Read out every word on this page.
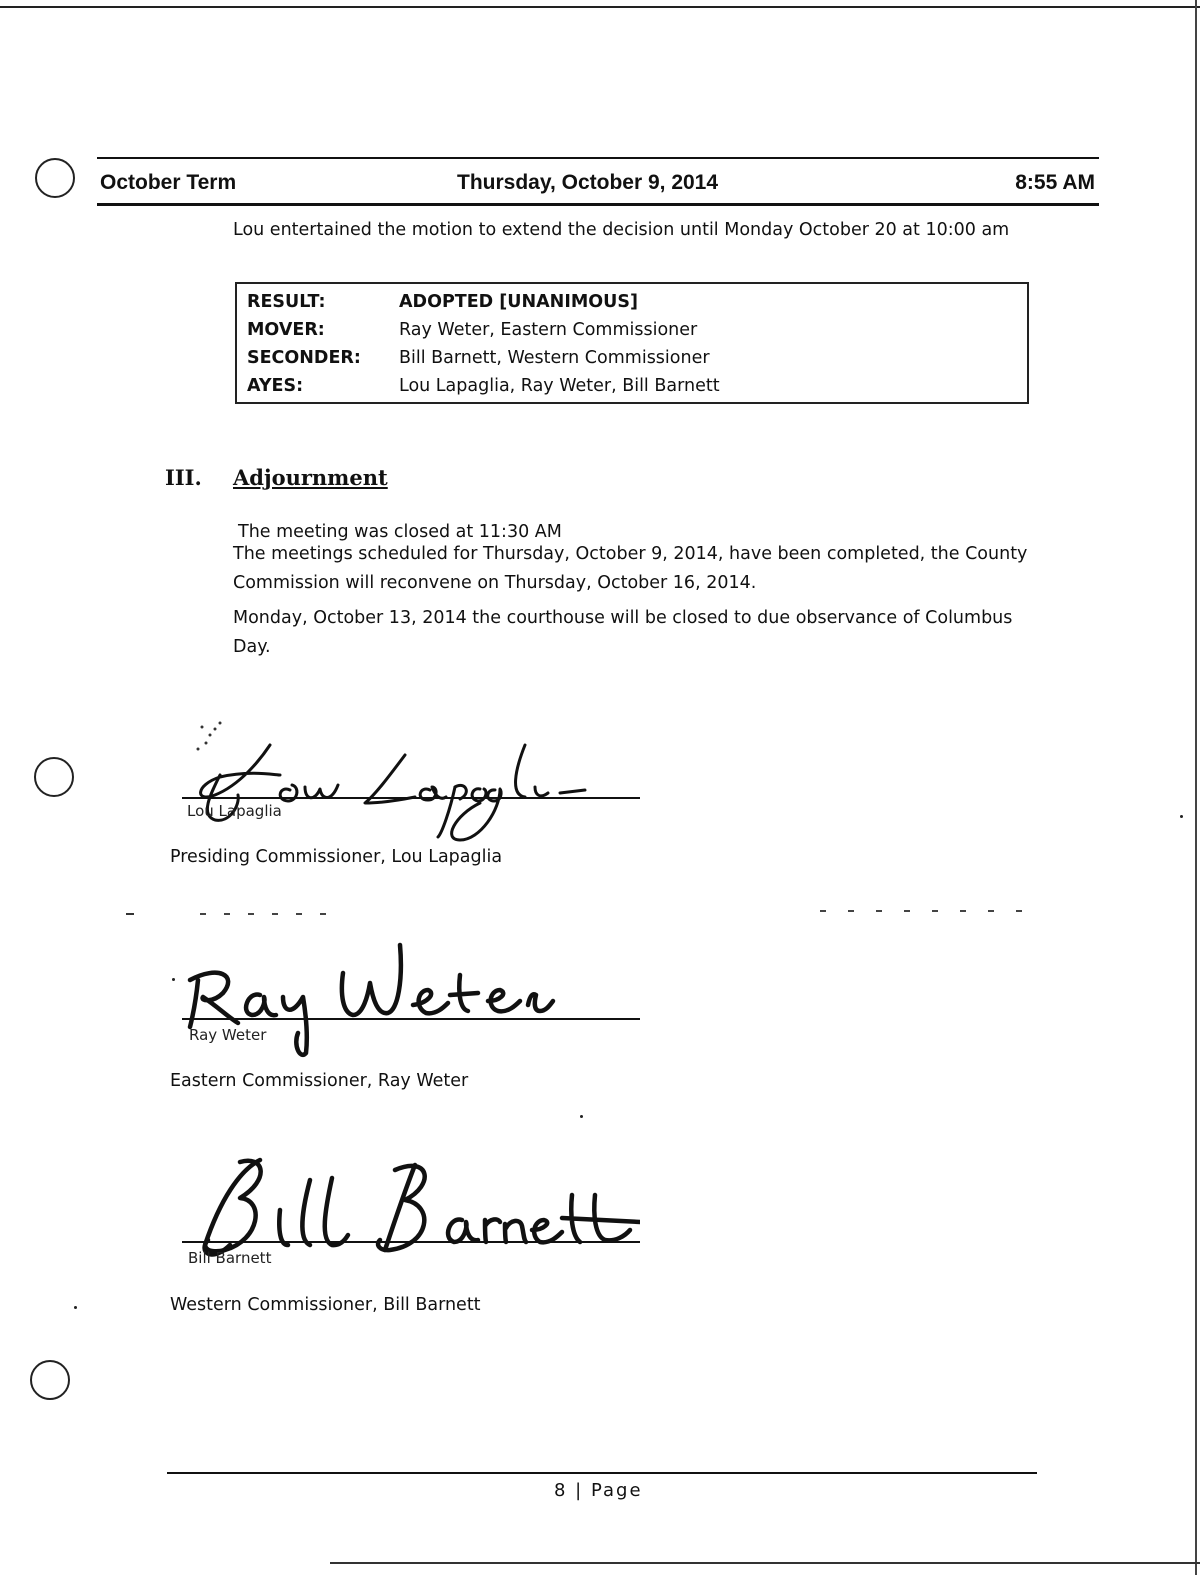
October Term	Thursday, October 9, 2014	8:55 AM
Lou entertained the motion to extend the decision until Monday October 20 at 10:00 am
RESULT:	ADOPTED [UNANIMOUS]
MOVER:	Ray Weter, Eastern Commissioner
SECONDER:	Bill Barnett, Western Commissioner
AYES:	Lou Lapaglia, Ray Weter, Bill Barnett
III. Adjournment
The meeting was closed at 11:30 AM
The meetings scheduled for Thursday, October 9, 2014, have been completed, the County Commission will reconvene on Thursday, October 16, 2014.
Monday, October 13, 2014 the courthouse will be closed to due observance of Columbus Day.
Lou Lapaglia
Presiding Commissioner, Lou Lapaglia
Ray Weter
Eastern Commissioner, Ray Weter
Bill Barnett
Western Commissioner, Bill Barnett
8 | Page
